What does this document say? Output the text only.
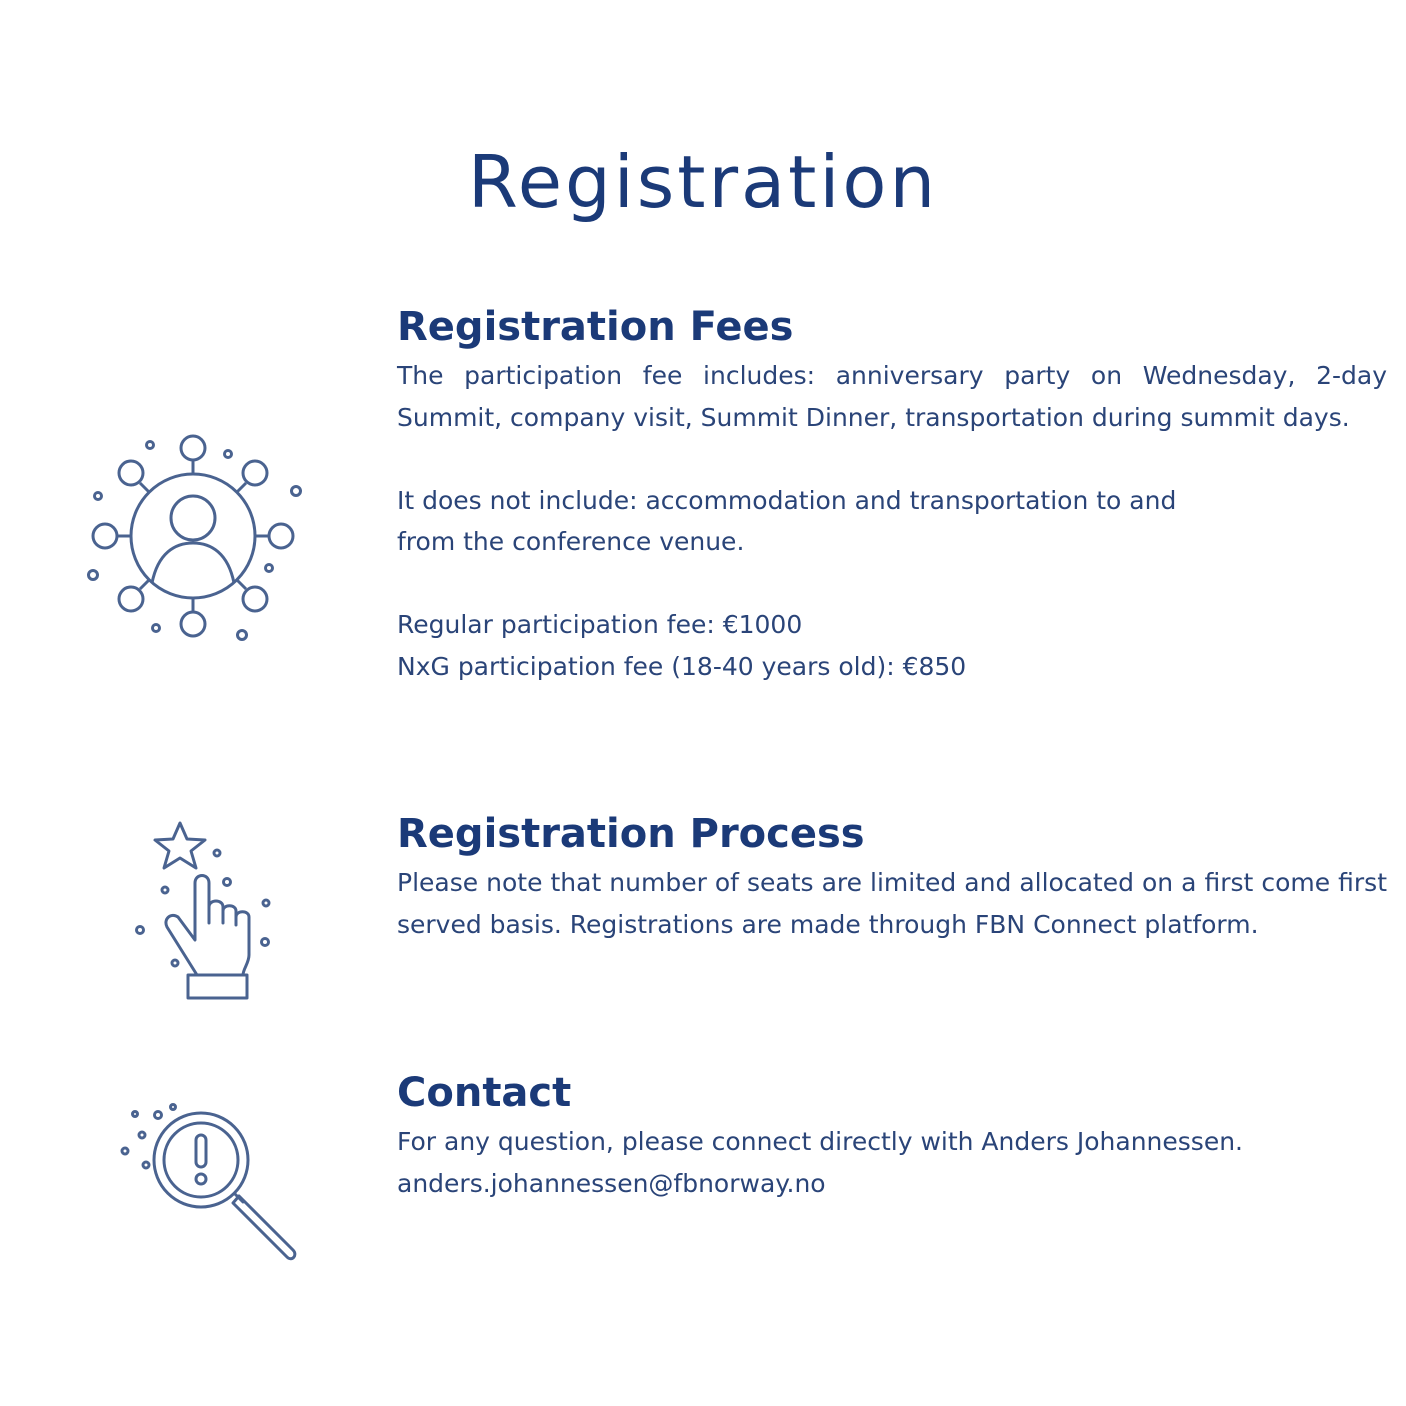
Registration
Registration Fees

The participation fee includes: anniversary party on Wednesday, 2-day Summit, company visit, Summit Dinner, transportation during summit days.

It does not include: accommodation and transportation to and

from the conference venue.

Regular participation fee: €1000

NxG participation fee (18-40 years old): €850

Registration Process

Please note that number of seats are limited and allocated on a first come first served basis. Registrations are made through FBN Connect platform.

Contact

For any question, please connect directly with Anders Johannessen.

anders.johannessen@fbnorway.no
